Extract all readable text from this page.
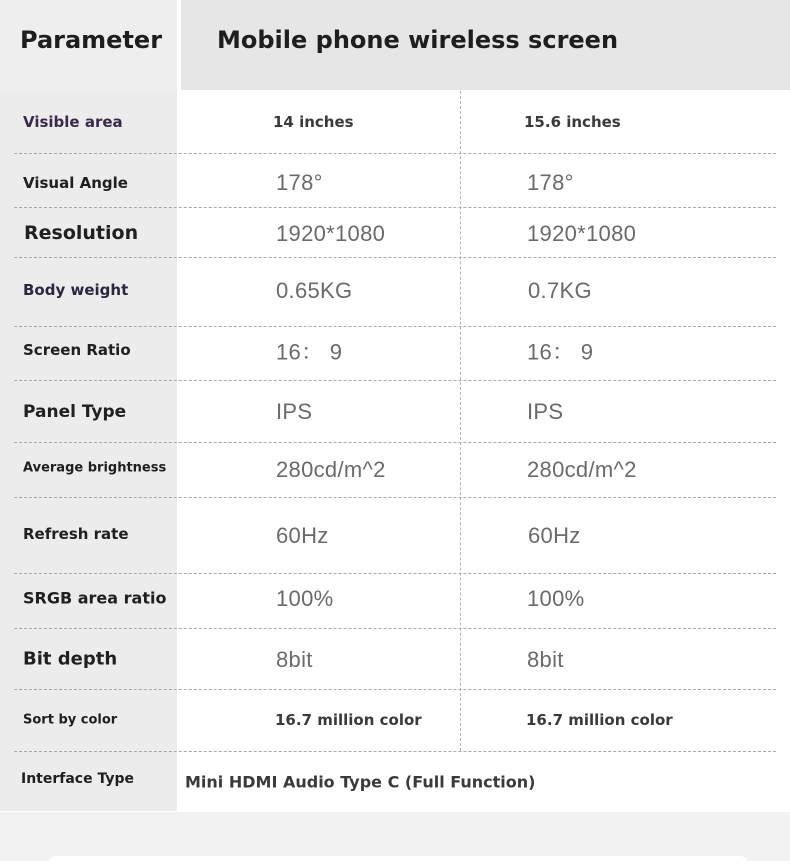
Parameter Mobile phone wireless screen
Visible area	14 inches	15.6 inches
Visual Angle	178°	178°
Resolution	1920*1080	1920*1080
Body weight	0.65KG	0.7KG
Screen Ratio	16： 9	16： 9
Panel Type	IPS	IPS
Average brightness	280cd/m^2	280cd/m^2
Refresh rate	60Hz	60Hz
SRGB area ratio	100%	100%
Bit depth	8bit	8bit
Sort by color	16.7 million color	16.7 million color
Interface Type	Mini HDMI Audio Type C (Full Function)
